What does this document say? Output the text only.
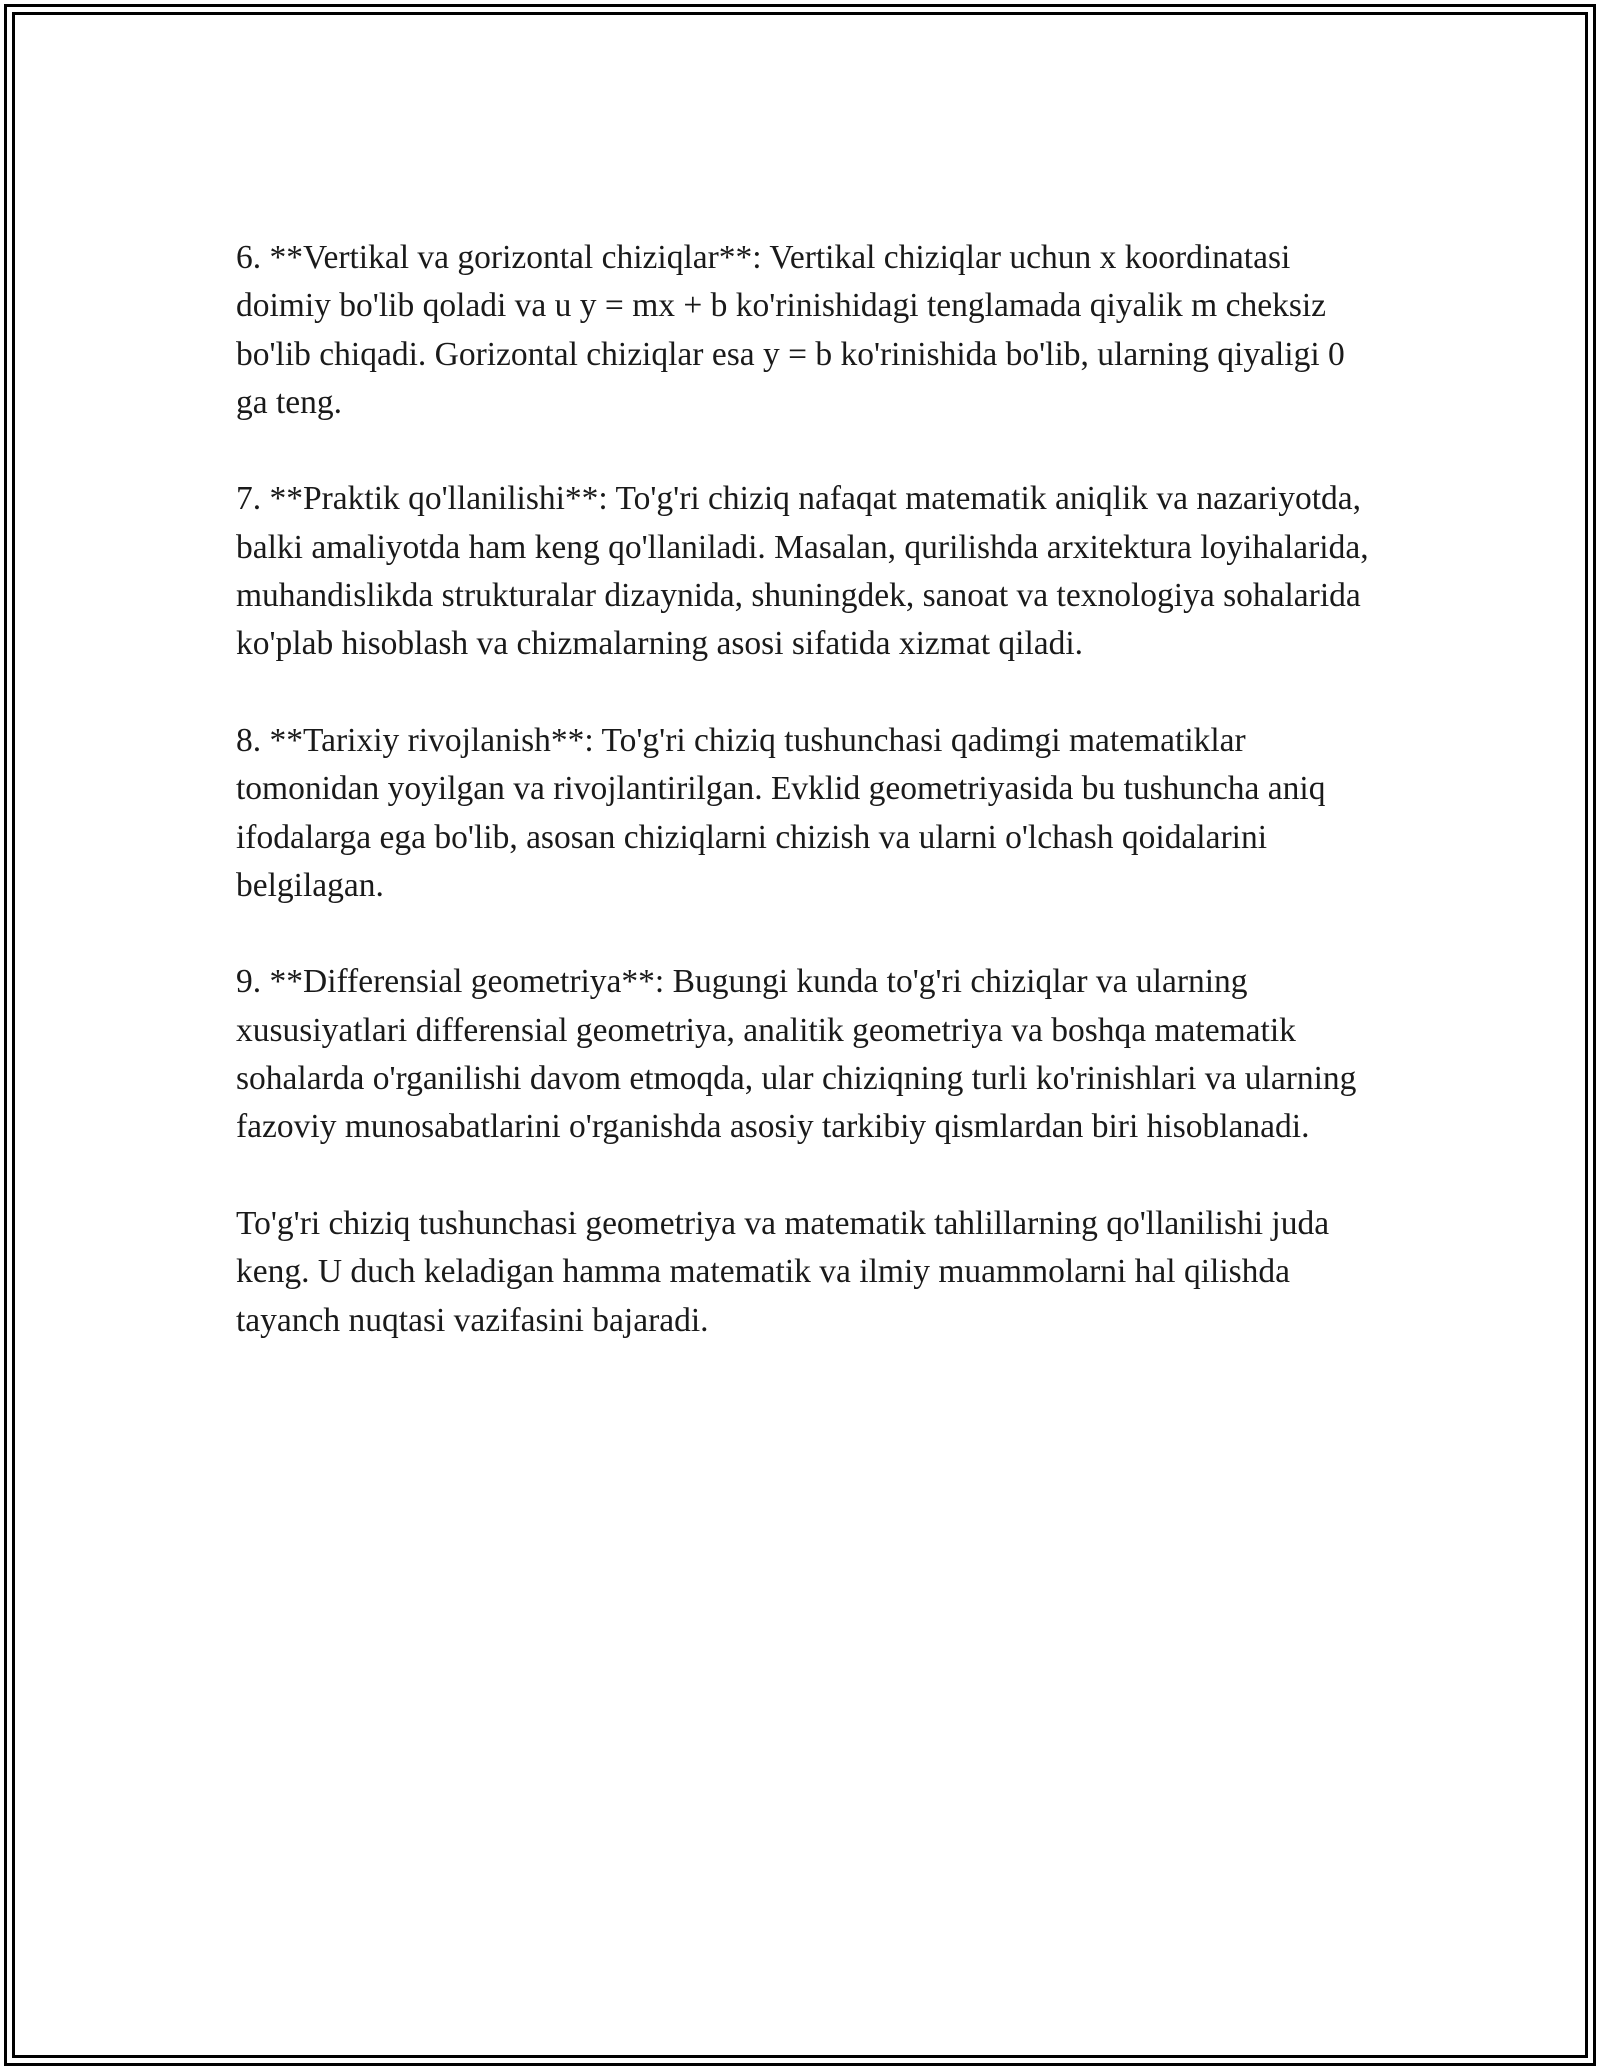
6. **Vertikal va gorizontal chiziqlar**: Vertikal chiziqlar uchun x koordinatasi doimiy bo'lib qoladi va u y = mx + b ko'rinishidagi tenglamada qiyalik m cheksiz bo'lib chiqadi. Gorizontal chiziqlar esa y = b ko'rinishida bo'lib, ularning qiyaligi 0 ga teng.

7. **Praktik qo'llanilishi**: To'g'ri chiziq nafaqat matematik aniqlik va nazariyotda, balki amaliyotda ham keng qo'llaniladi. Masalan, qurilishda arxitektura loyihalarida, muhandislikda strukturalar dizaynida, shuningdek, sanoat va texnologiya sohalarida ko'plab hisoblash va chizmalarning asosi sifatida xizmat qiladi.

8. **Tarixiy rivojlanish**: To'g'ri chiziq tushunchasi qadimgi matematiklar tomonidan yoyilgan va rivojlantirilgan. Evklid geometriyasida bu tushuncha aniq ifodalarga ega bo'lib, asosan chiziqlarni chizish va ularni o'lchash qoidalarini belgilagan.

9. **Differensial geometriya**: Bugungi kunda to'g'ri chiziqlar va ularning xususiyatlari differensial geometriya, analitik geometriya va boshqa matematik sohalarda o'rganilishi davom etmoqda, ular chiziqning turli ko'rinishlari va ularning fazoviy munosabatlarini o'rganishda asosiy tarkibiy qismlardan biri hisoblanadi.

To'g'ri chiziq tushunchasi geometriya va matematik tahlillarning qo'llanilishi juda keng. U duch keladigan hamma matematik va ilmiy muammolarni hal qilishda tayanch nuqtasi vazifasini bajaradi.
